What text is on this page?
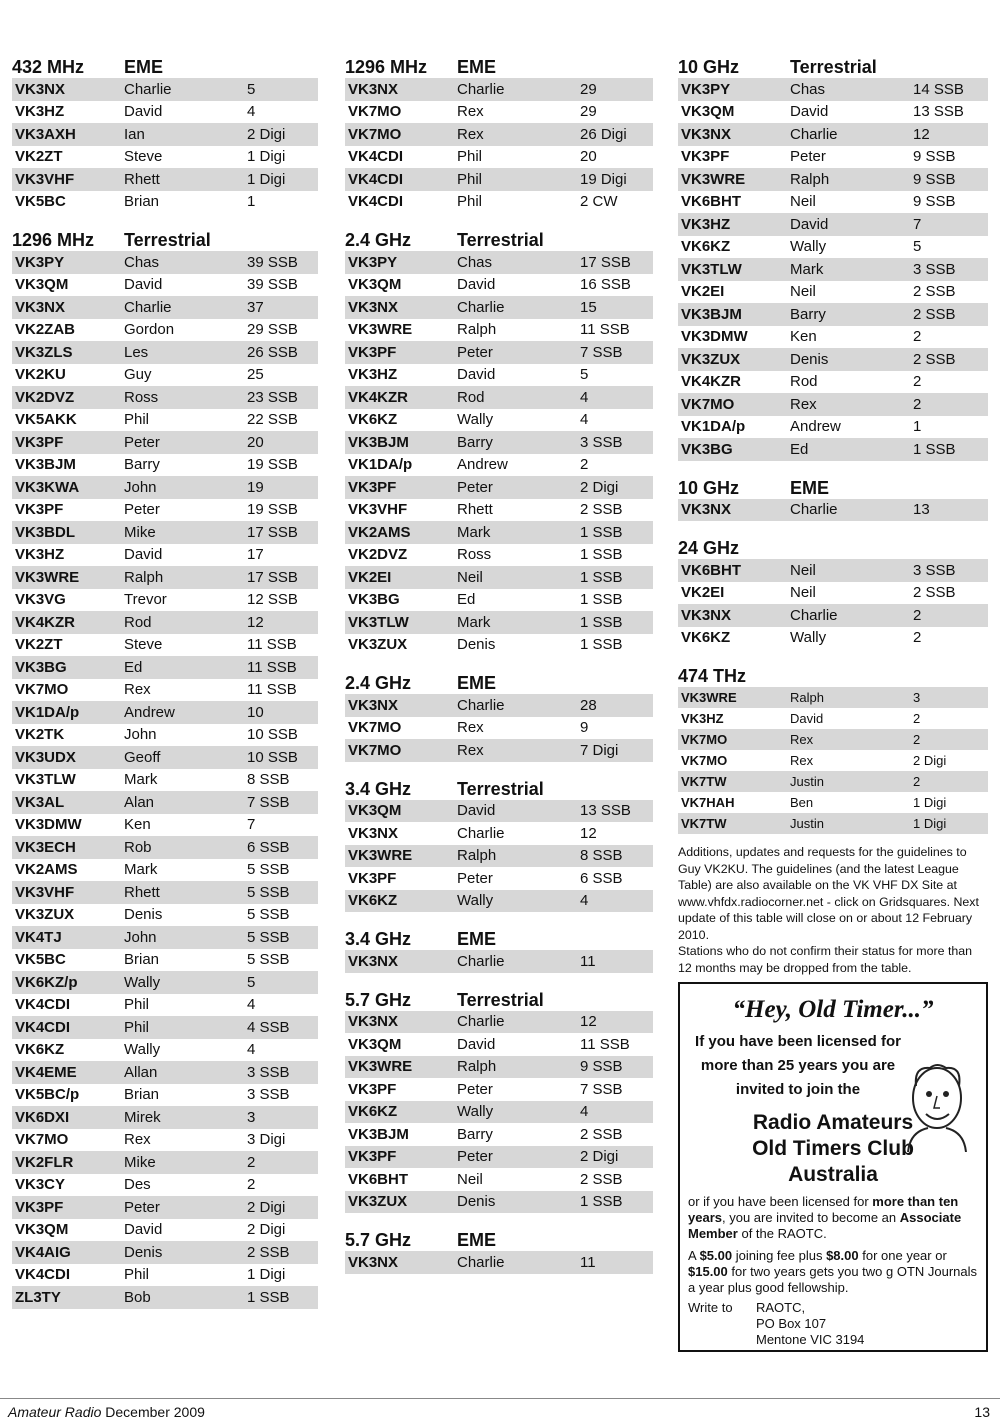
432 MHz	EME
VK3NX	Charlie	5
VK3HZ	David	4
VK3AXH	Ian	2 Digi
VK2ZT	Steve	1 Digi
VK3VHF	Rhett	1 Digi
VK5BC	Brian	1
1296 MHz	Terrestrial
VK3PY	Chas	39 SSB
VK3QM	David	39 SSB
VK3NX	Charlie	37
VK2ZAB	Gordon	29 SSB
VK3ZLS	Les	26 SSB
VK2KU	Guy	25
VK2DVZ	Ross	23 SSB
VK5AKK	Phil	22 SSB
VK3PF	Peter	20
VK3BJM	Barry	19 SSB
VK3KWA	John	19
VK3PF	Peter	19 SSB
VK3BDL	Mike	17 SSB
VK3HZ	David	17
VK3WRE	Ralph	17 SSB
VK3VG	Trevor	12 SSB
VK4KZR	Rod	12
VK2ZT	Steve	11 SSB
VK3BG	Ed	11 SSB
VK7MO	Rex	11 SSB
VK1DA/p	Andrew	10
VK2TK	John	10 SSB
VK3UDX	Geoff	10 SSB
VK3TLW	Mark	8 SSB
VK3AL	Alan	7 SSB
VK3DMW	Ken	7
VK3ECH	Rob	6 SSB
VK2AMS	Mark	5 SSB
VK3VHF	Rhett	5 SSB
VK3ZUX	Denis	5 SSB
VK4TJ	John	5 SSB
VK5BC	Brian	5 SSB
VK6KZ/p	Wally	5
VK4CDI	Phil	4
VK4CDI	Phil	4 SSB
VK6KZ	Wally	4
VK4EME	Allan	3 SSB
VK5BC/p	Brian	3 SSB
VK6DXI	Mirek	3
VK7MO	Rex	3 Digi
VK2FLR	Mike	2
VK3CY	Des	2
VK3PF	Peter	2 Digi
VK3QM	David	2 Digi
VK4AIG	Denis	2 SSB
VK4CDI	Phil	1 Digi
ZL3TY	Bob	1 SSB
1296 MHz	EME
VK3NX	Charlie	29
VK7MO	Rex	29
VK7MO	Rex	26 Digi
VK4CDI	Phil	20
VK4CDI	Phil	19 Digi
VK4CDI	Phil	2 CW
2.4 GHz	Terrestrial
VK3PY	Chas	17 SSB
VK3QM	David	16 SSB
VK3NX	Charlie	15
VK3WRE	Ralph	11 SSB
VK3PF	Peter	7 SSB
VK3HZ	David	5
VK4KZR	Rod	4
VK6KZ	Wally	4
VK3BJM	Barry	3 SSB
VK1DA/p	Andrew	2
VK3PF	Peter	2 Digi
VK3VHF	Rhett	2 SSB
VK2AMS	Mark	1 SSB
VK2DVZ	Ross	1 SSB
VK2EI	Neil	1 SSB
VK3BG	Ed	1 SSB
VK3TLW	Mark	1 SSB
VK3ZUX	Denis	1 SSB
2.4 GHz	EME
VK3NX	Charlie	28
VK7MO	Rex	9
VK7MO	Rex	7 Digi
3.4 GHz	Terrestrial
VK3QM	David	13 SSB
VK3NX	Charlie	12
VK3WRE	Ralph	8 SSB
VK3PF	Peter	6 SSB
VK6KZ	Wally	4
3.4 GHz	EME
VK3NX	Charlie	11
5.7 GHz	Terrestrial
VK3NX	Charlie	12
VK3QM	David	11 SSB
VK3WRE	Ralph	9 SSB
VK3PF	Peter	7 SSB
VK6KZ	Wally	4
VK3BJM	Barry	2 SSB
VK3PF	Peter	2 Digi
VK6BHT	Neil	2 SSB
VK3ZUX	Denis	1 SSB
5.7 GHz	EME
VK3NX	Charlie	11
10 GHz	Terrestrial
VK3PY	Chas	14 SSB
VK3QM	David	13 SSB
VK3NX	Charlie	12
VK3PF	Peter	9 SSB
VK3WRE	Ralph	9 SSB
VK6BHT	Neil	9 SSB
VK3HZ	David	7
VK6KZ	Wally	5
VK3TLW	Mark	3 SSB
VK2EI	Neil	2 SSB
VK3BJM	Barry	2 SSB
VK3DMW	Ken	2
VK3ZUX	Denis	2 SSB
VK4KZR	Rod	2
VK7MO	Rex	2
VK1DA/p	Andrew	1
VK3BG	Ed	1 SSB
10 GHz	EME
VK3NX	Charlie	13
24 GHz
VK6BHT	Neil	3 SSB
VK2EI	Neil	2 SSB
VK3NX	Charlie	2
VK6KZ	Wally	2
474 THz
VK3WRE	Ralph	3
VK3HZ	David	2
VK7MO	Rex	2
VK7MO	Rex	2 Digi
VK7TW	Justin	2
VK7HAH	Ben	1 Digi
VK7TW	Justin	1 Digi
Additions, updates and requests for the guidelines to Guy VK2KU. The guidelines (and the latest League Table) are also available on the VK VHF DX Site at www.vhfdx.radiocorner.net - click on Gridsquares. Next update of this table will close on or about 12 February 2010.
Stations who do not confirm their status for more than 12 months may be dropped from the table.
“Hey, Old Timer...”
If you have been licensed for more than 25 years you are invited to join the
Radio Amateurs
Old Timers Club
Australia
or if you have been licensed for more than ten years, you are invited to become an Associate Member of the RAOTC.
A $5.00 joining fee plus $8.00 for one year or $15.00 for two years gets you two g OTN Journals a year plus good fellowship.
Write to	RAOTC,
PO Box 107
Mentone VIC 3194
Amateur Radio December 2009	13
